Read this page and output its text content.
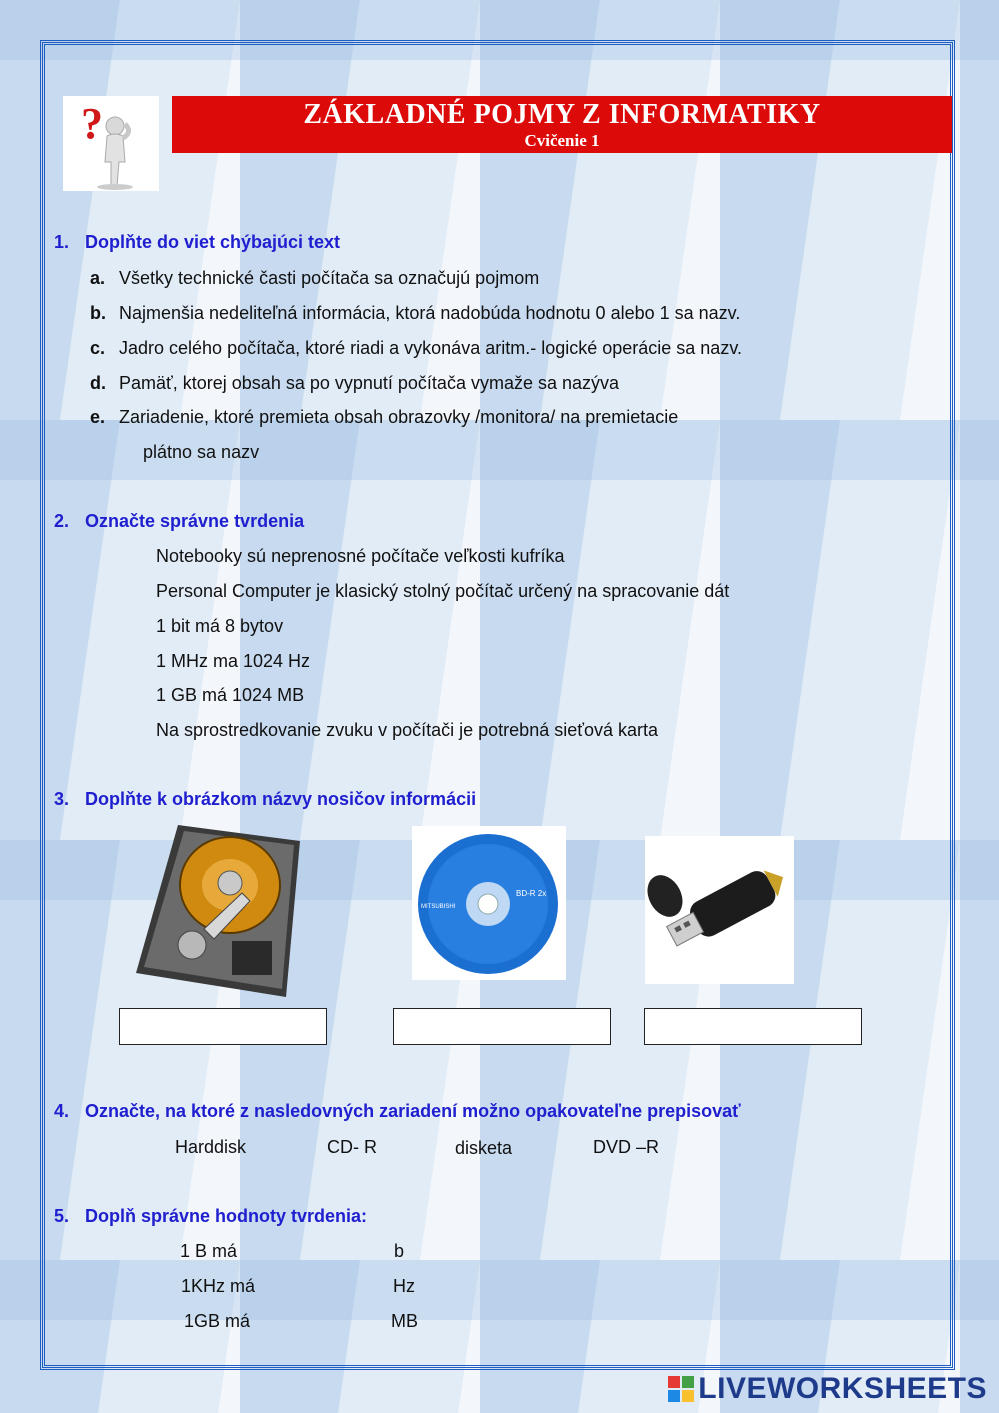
?	ZÁKLADNÉ POJMY Z INFORMATIKY
Cvičenie 1
1. Doplňte do viet chýbajúci text
a. Všetky technické časti počítača sa označujú pojmom
b. Najmenšia nedeliteľná informácia, ktorá nadobúda hodnotu 0 alebo 1 sa nazv.
c. Jadro celého počítača, ktoré riadi a vykonáva aritm.- logické operácie sa nazv.
d. Pamäť, ktorej obsah sa po vypnutí počítača vymaže sa nazýva
e. Zariadenie, ktoré premieta obsah obrazovky /monitora/ na premietacie
plátno sa nazv
2. Označte správne tvrdenia
Notebooky sú neprenosné počítače veľkosti kufríka
Personal Computer je klasický stolný počítač určený na spracovanie dát
1 bit má 8 bytov
1 MHz ma 1024 Hz
1 GB má 1024 MB
Na sprostredkovanie zvuku v počítači je potrebná sieťová karta
3. Doplňte k obrázkom názvy nosičov informácii
MITSUBISHI
BD-R 2x
4. Označte, na ktoré z nasledovných zariadení možno opakovateľne prepisovať
Harddisk	CD- R	disketa	DVD –R
5. Doplň správne hodnoty tvrdenia:
1 B má	b
1KHz má	Hz
1GB má	MB
LIVEWORKSHEETS
